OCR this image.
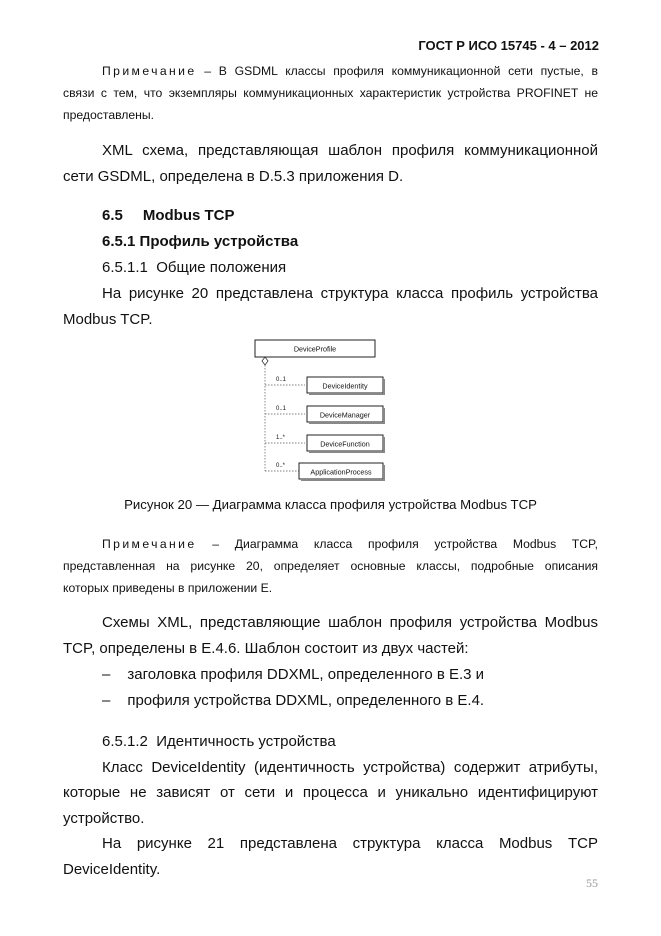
ГОСТ Р ИСО 15745 - 4 – 2012

Примечание – В GSDML классы профиля коммуникационной сети пустые, в

связи с тем, что экземпляры коммуникационных характеристик устройства PROFINET не

предоставлены.

XML схема, представляющая шаблон профиля коммуникационной

сети GSDML, определена в D.5.3 приложения D.

6.5 Modbus TCP

6.5.1 Профиль устройства

6.5.1.1 Общие положения

На рисунке 20 представлена структура класса профиль устройства

Modbus TCP.

DeviceProfile
0..1
DeviceIdentity
0..1
DeviceManager
1..*
DeviceFunction
0..*
ApplicationProcess

Рисунок 20 — Диаграмма класса профиля устройства Modbus TCP

Примечание – Диаграмма класса профиля устройства Modbus TCP,

представленная на рисунке 20, определяет основные классы, подробные описания

которых приведены в приложении E.

Схемы XML, представляющие шаблон профиля устройства Modbus

TCP, определены в E.4.6. Шаблон состоит из двух частей:

– заголовка профиля DDXML, определенного в E.3 и

– профиля устройства DDXML, определенного в E.4.

6.5.1.2 Идентичность устройства

Класс DeviceIdentity (идентичность устройства) содержит атрибуты,

которые не зависят от сети и процесса и уникально идентифицируют

устройство.

На рисунке 21 представлена структура класса Modbus TCP

DeviceIdentity.

55
